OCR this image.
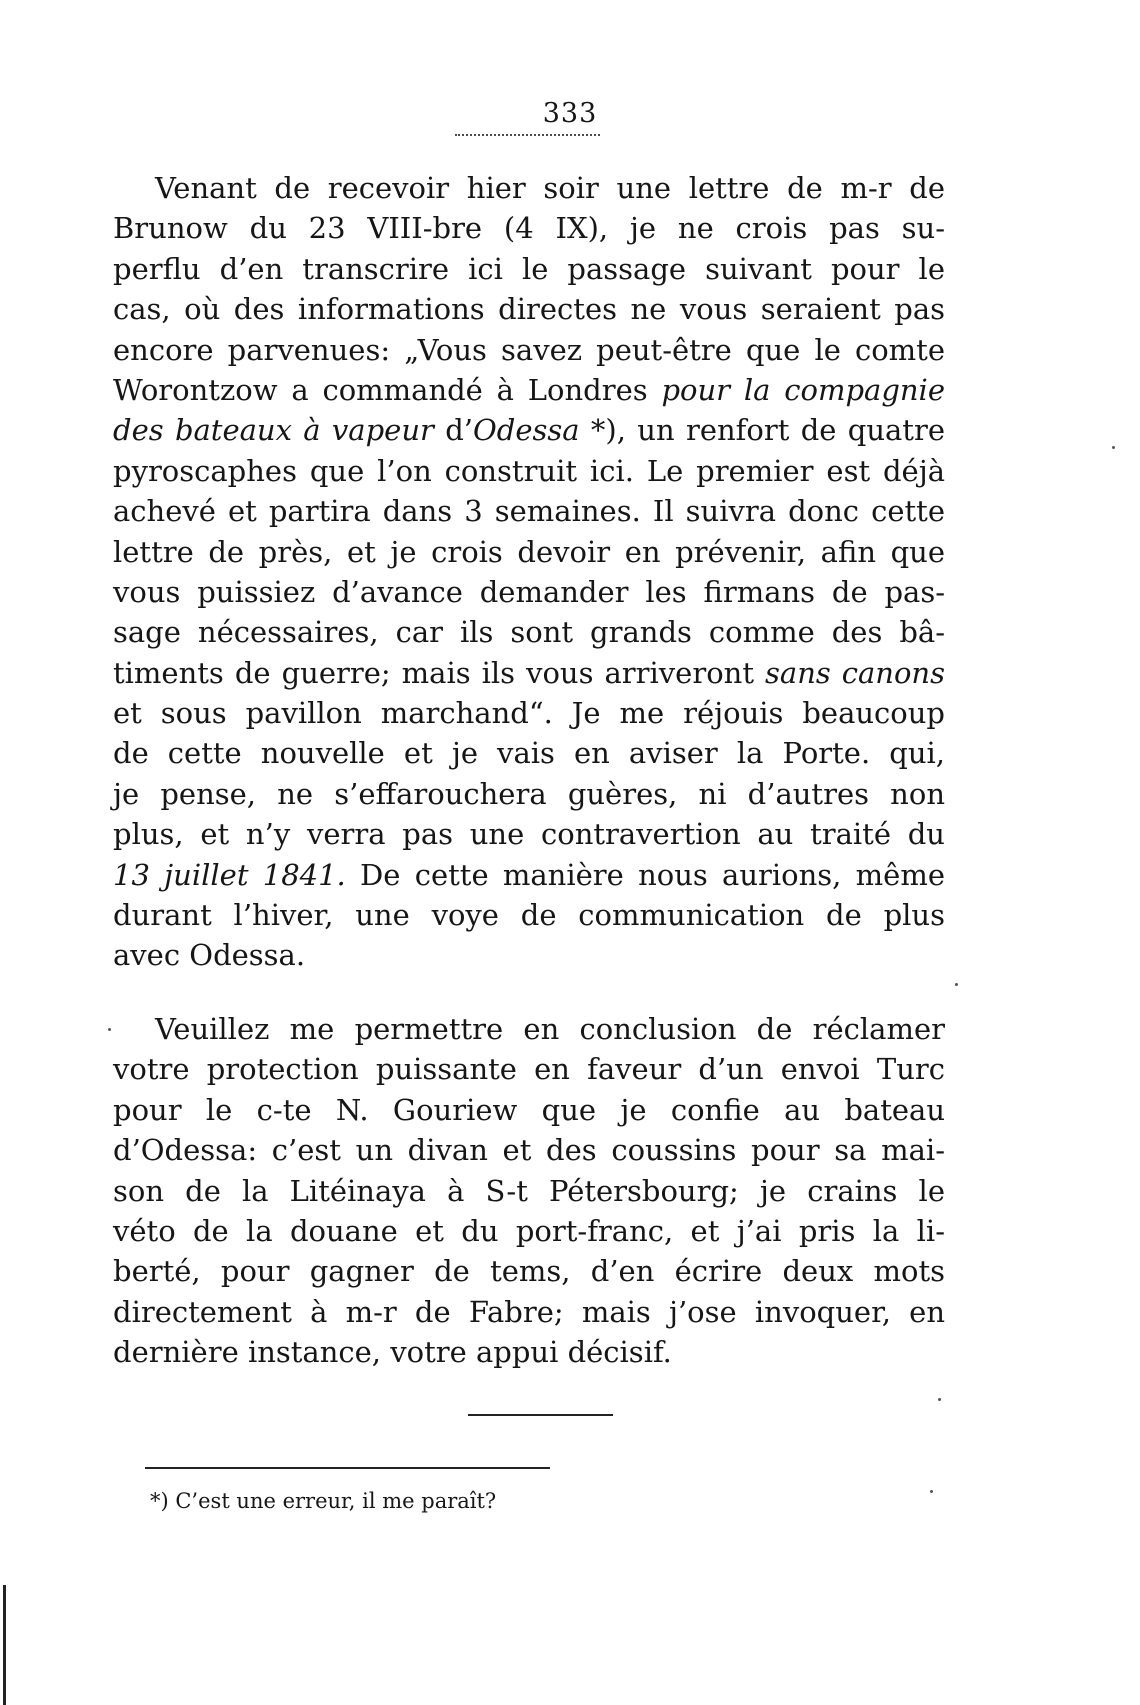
333
Venant de recevoir hier soir une lettre de m-r de
Brunow du 23 VIII-bre (4 IX), je ne crois pas su-
perflu d’en transcrire ici le passage suivant pour le
cas, où des informations directes ne vous seraient pas
encore parvenues: „Vous savez peut-être que le comte
Worontzow a commandé à Londres pour la compagnie
des bateaux à vapeur d’Odessa *), un renfort de quatre
pyroscaphes que l’on construit ici. Le premier est déjà
achevé et partira dans 3 semaines. Il suivra donc cette
lettre de près, et je crois devoir en prévenir, afin que
vous puissiez d’avance demander les firmans de pas-
sage nécessaires, car ils sont grands comme des bâ-
timents de guerre; mais ils vous arriveront sans canons
et sous pavillon marchand“. Je me réjouis beaucoup
de cette nouvelle et je vais en aviser la Porte. qui,
je pense, ne s’effarouchera guères, ni d’autres non
plus, et n’y verra pas une contravertion au traité du
13 juillet 1841. De cette manière nous aurions, même
durant l’hiver, une voye de communication de plus
avec Odessa.
Veuillez me permettre en conclusion de réclamer
votre protection puissante en faveur d’un envoi Turc
pour le c-te N. Gouriew que je confie au bateau
d’Odessa: c’est un divan et des coussins pour sa mai-
son de la Litéinaya à S-t Pétersbourg; je crains le
véto de la douane et du port-franc, et j’ai pris la li-
berté, pour gagner de tems, d’en écrire deux mots
directement à m-r de Fabre; mais j’ose invoquer, en
dernière instance, votre appui décisif.
*) C’est une erreur, il me paraît?
